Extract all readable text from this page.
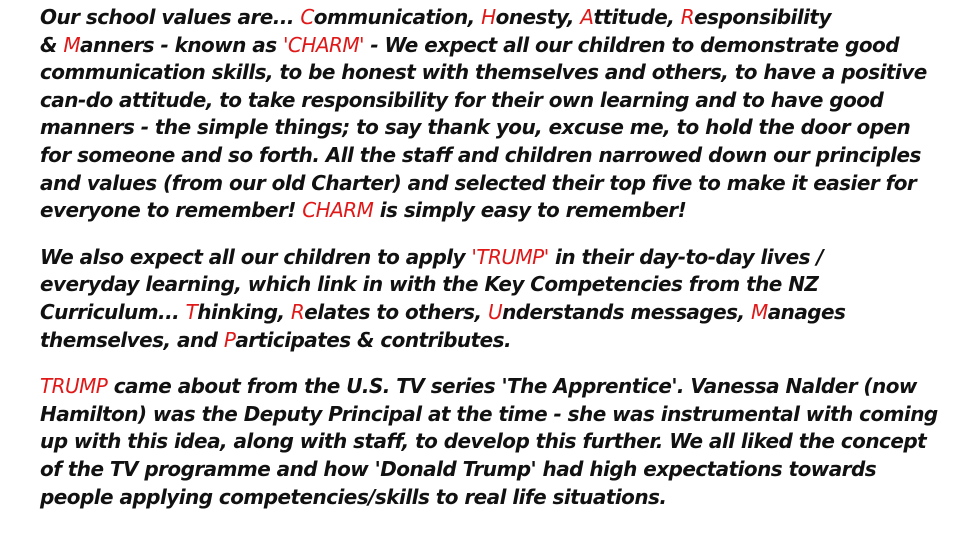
Our school values are... Communication, Honesty, Attitude, Responsibility
& Manners - known as 'CHARM' - We expect all our children to demonstrate good
communication skills, to be honest with themselves and others, to have a positive
can-do attitude, to take responsibility for their own learning and to have good
manners - the simple things; to say thank you, excuse me, to hold the door open
for someone and so forth. All the staff and children narrowed down our principles
and values (from our old Charter) and selected their top five to make it easier for
everyone to remember! CHARM is simply easy to remember!

We also expect all our children to apply 'TRUMP' in their day-to-day lives /
everyday learning, which link in with the Key Competencies from the NZ
Curriculum... Thinking, Relates to others, Understands messages, Manages
themselves, and Participates & contributes.

TRUMP came about from the U.S. TV series 'The Apprentice'. Vanessa Nalder (now
Hamilton) was the Deputy Principal at the time - she was instrumental with coming
up with this idea, along with staff, to develop this further. We all liked the concept
of the TV programme and how 'Donald Trump' had high expectations towards
people applying competencies/skills to real life situations.
